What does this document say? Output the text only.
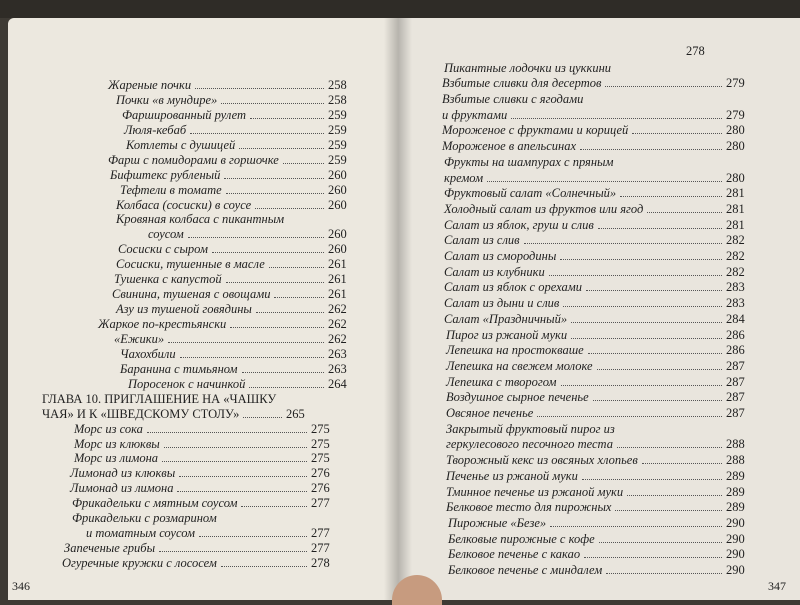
Жареные почки	258
Почки «в мундире»	258
Фаршированный рулет	259
Люля-кебаб	259
Котлеты с душицей	259
Фарш с помидорами в горшочке	259
Бифштекс рубленый	260
Тефтели в томате	260
Колбаса (сосиски) в соусе	260
Кровяная колбаса с пикантным
соусом	260
Сосиски с сыром	260
Сосиски, тушенные в масле	261
Тушенка с капустой	261
Свинина, тушеная с овощами	261
Азу из тушеной говядины	262
Жаркое по-крестьянски	262
«Ежики»	262
Чахохбили	263
Баранина с тимьяном	263
Поросенок с начинкой	264
ГЛАВА 10. ПРИГЛАШЕНИЕ НА «ЧАШКУ
ЧАЯ» И К «ШВЕДСКОМУ СТОЛУ»	265
Морс из сока	275
Морс из клюквы	275
Морс из лимона	275
Лимонад из клюквы	276
Лимонад из лимона	276
Фрикадельки с мятным соусом	277
Фрикадельки с розмарином
и томатным соусом	277
Запеченые грибы	277
Огуречные кружки с лососем	278
346
278
Пикантные лодочки из цуккини
Взбитые сливки для десертов	279
Взбитые сливки с ягодами
и фруктами	279
Мороженое с фруктами и корицей	280
Мороженое в апельсинах	280
Фрукты на шампурах с пряным
кремом	280
Фруктовый салат «Солнечный»	281
Холодный салат из фруктов или ягод	281
Салат из яблок, груш и слив	281
Салат из слив	282
Салат из смородины	282
Салат из клубники	282
Салат из яблок с орехами	283
Салат из дыни и слив	283
Салат «Праздничный»	284
Пирог из ржаной муки	286
Лепешка на простокваше	286
Лепешка на свежем молоке	287
Лепешка с творогом	287
Воздушное сырное печенье	287
Овсяное печенье	287
Закрытый фруктовый пирог из
геркулесового песочного теста	288
Творожный кекс из овсяных хлопьев	288
Печенье из ржаной муки	289
Тминное печенье из ржаной муки	289
Белковое тесто для пирожных	289
Пирожные «Безе»	290
Белковые пирожные с кофе	290
Белковое печенье с какао	290
Белковое печенье с миндалем	290
347
